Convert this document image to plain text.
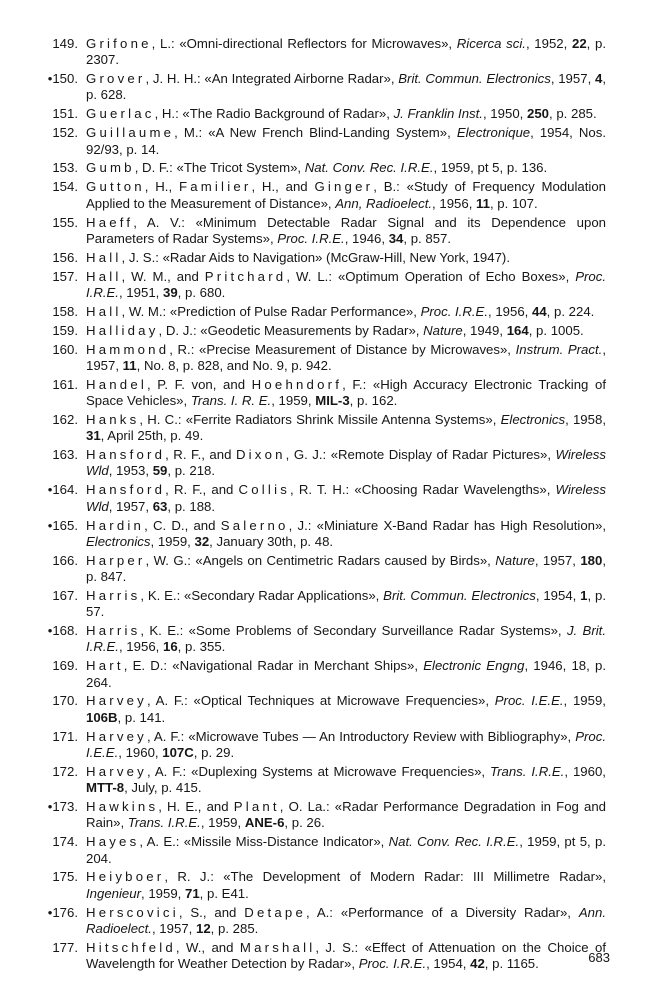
149. Grifone, L.: «Omni-directional Reflectors for Microwaves», Ricerca sci., 1952, 22, p. 2307.
•150. Grover, J. H. H.: «An Integrated Airborne Radar», Brit. Commun. Electronics, 1957, 4, p. 628.
151. Guerlac, H.: «The Radio Background of Radar», J. Franklin Inst., 1950, 250, p. 285.
152. Guillaume, M.: «A New French Blind-Landing System», Electronique, 1954, Nos. 92/93, p. 14.
153. Gumb, D. F.: «The Tricot System», Nat. Conv. Rec. I.R.E., 1959, pt 5, p. 136.
154. Gutton, H., Familier, H., and Ginger, B.: «Study of Frequency Modulation Applied to the Measurement of Distance», Ann, Radioelect., 1956, 11, p. 107.
155. Haeff, A. V.: «Minimum Detectable Radar Signal and its Dependence upon Parameters of Radar Systems», Proc. I.R.E., 1946, 34, p. 857.
156. Hall, J. S.: «Radar Aids to Navigation» (McGraw-Hill, New York, 1947).
157. Hall, W. M., and Pritchard, W. L.: «Optimum Operation of Echo Boxes», Proc. I.R.E., 1951, 39, p. 680.
158. Hall, W. M.: «Prediction of Pulse Radar Performance», Proc. I.R.E., 1956, 44, p. 224.
159. Halliday, D. J.: «Geodetic Measurements by Radar», Nature, 1949, 164, p. 1005.
160. Hammond, R.: «Precise Measurement of Distance by Microwaves», Instrum. Pract., 1957, 11, No. 8, p. 828, and No. 9, p. 942.
161. Handel, P. F. von, and Hoehndorf, F.: «High Accuracy Electronic Tracking of Space Vehicles», Trans. I. R. E., 1959, MIL-3, p. 162.
162. Hanks, H. C.: «Ferrite Radiators Shrink Missile Antenna Systems», Electronics, 1958, 31, April 25th, p. 49.
163. Hansford, R. F., and Dixon, G. J.: «Remote Display of Radar Pictures», Wireless Wld, 1953, 59, p. 218.
•164. Hansford, R. F., and Collis, R. T. H.: «Choosing Radar Wavelengths», Wireless Wld, 1957, 63, p. 188.
•165. Hardin, C. D., and Salerno, J.: «Miniature X-Band Radar has High Resolution», Electronics, 1959, 32, January 30th, p. 48.
166. Harper, W. G.: «Angels on Centimetric Radars caused by Birds», Nature, 1957, 180, p. 847.
167. Harris, K. E.: «Secondary Radar Applications», Brit. Commun. Electronics, 1954, 1, p. 57.
•168. Harris, K. E.: «Some Problems of Secondary Surveillance Radar Systems», J. Brit. I.R.E., 1956, 16, p. 355.
169. Hart, E. D.: «Navigational Radar in Merchant Ships», Electronic Engng, 1946, 18, p. 264.
170. Harvey, A. F.: «Optical Techniques at Microwave Frequencies», Proc. I.E.E., 1959, 106B, p. 141.
171. Harvey, A. F.: «Microwave Tubes — An Introductory Review with Bibliography», Proc. I.E.E., 1960, 107C, p. 29.
172. Harvey, A. F.: «Duplexing Systems at Microwave Frequencies», Trans. I.R.E., 1960, MTT-8, July, p. 415.
•173. Hawkins, H. E., and Plant, O. La.: «Radar Performance Degradation in Fog and Rain», Trans. I.R.E., 1959, ANE-6, p. 26.
174. Hayes, A. E.: «Missile Miss-Distance Indicator», Nat. Conv. Rec. I.R.E., 1959, pt 5, p. 204.
175. Heiyboer, R. J.: «The Development of Modern Radar: III Millimetre Radar», Ingenieur, 1959, 71, p. E41.
•176. Herscovici, S., and Detape, A.: «Performance of a Diversity Radar», Ann. Radioelect., 1957, 12, p. 285.
177. Hitschfeld, W., and Marshall, J. S.: «Effect of Attenuation on the Choice of Wavelength for Weather Detection by Radar», Proc. I.R.E., 1954, 42, p. 1165.	683
